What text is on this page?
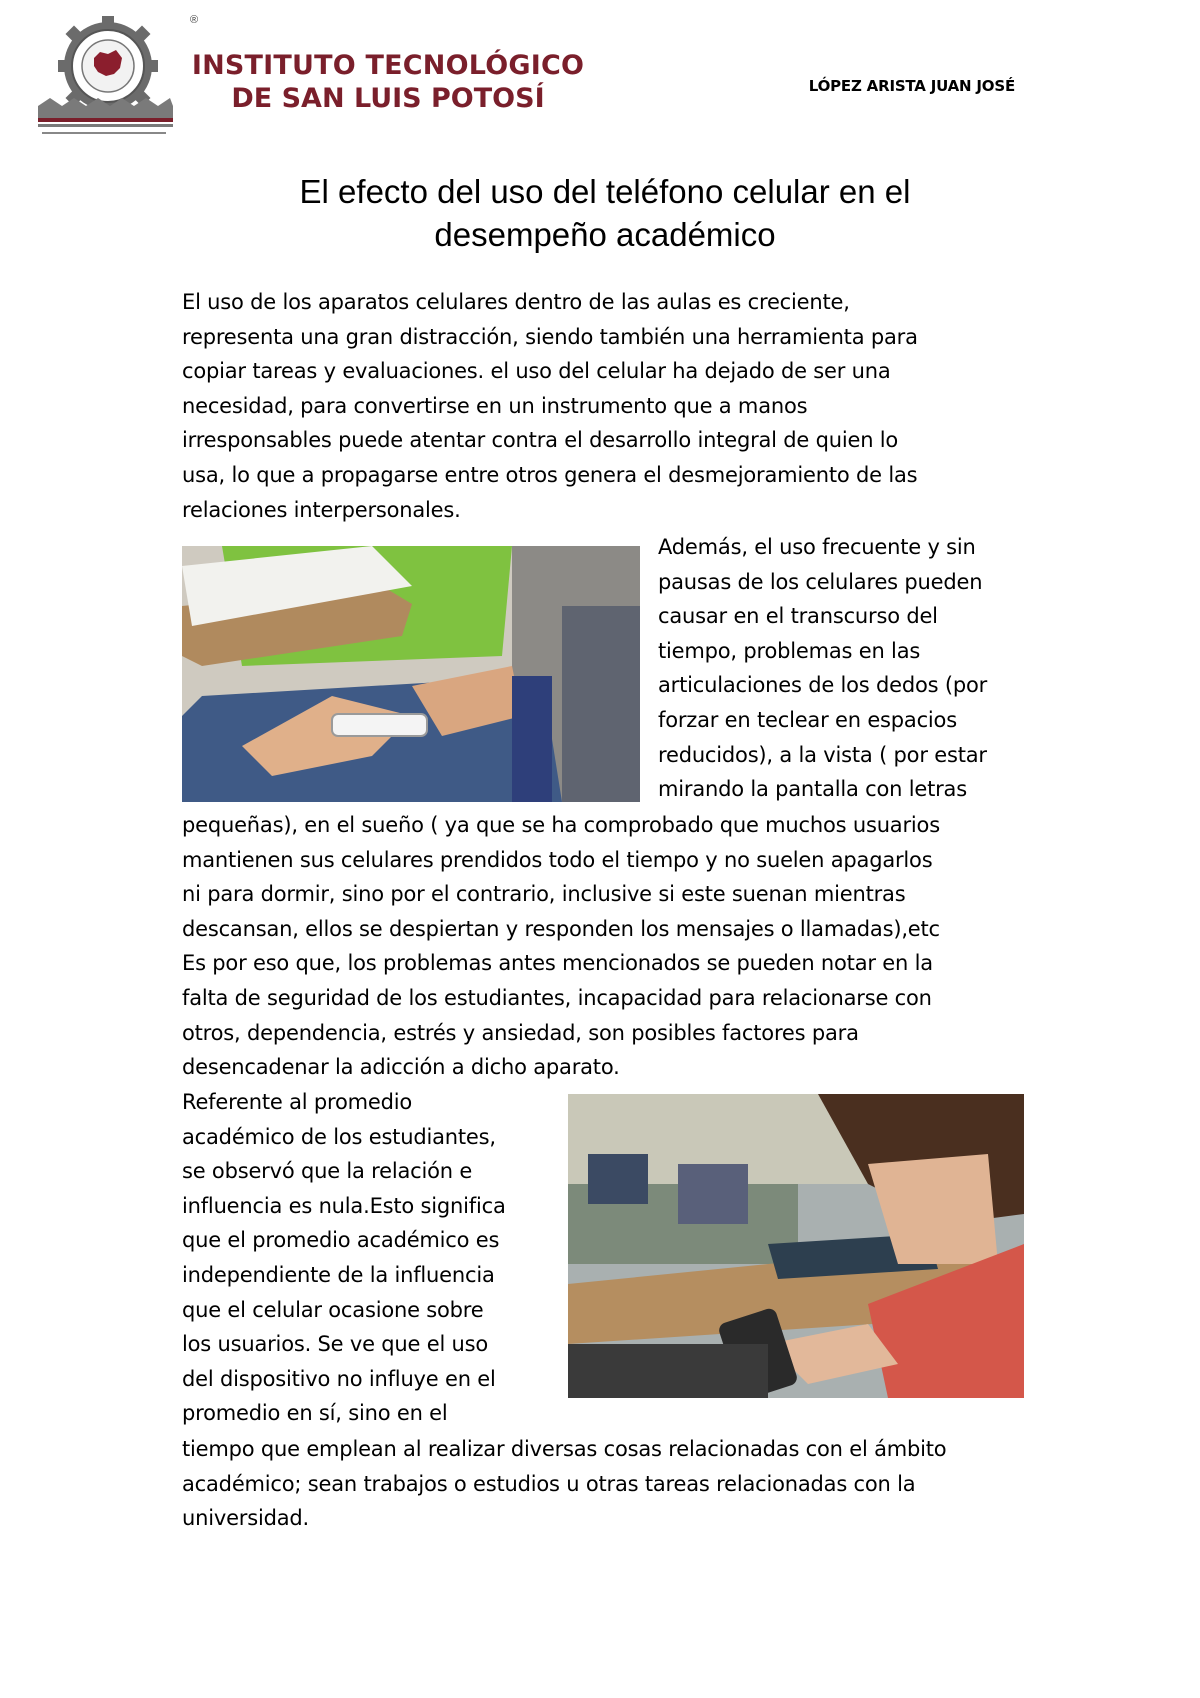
®
INSTITUTO TECNOLÓGICO
DE SAN LUIS POTOSÍ	LÓPEZ ARISTA JUAN JOSÉ
El efecto del uso del teléfono celular en el
desempeño académico
El uso de los aparatos celulares dentro de las aulas es creciente,
representa una gran distracción, siendo también una herramienta para
copiar tareas y evaluaciones. el uso del celular ha dejado de ser una
necesidad, para convertirse en un instrumento que a manos
irresponsables puede atentar contra el desarrollo integral de quien lo
usa, lo que a propagarse entre otros genera el desmejoramiento de las
relaciones interpersonales.
Además, el uso frecuente y sin
pausas de los celulares pueden
causar en el transcurso del
tiempo, problemas en las
articulaciones de los dedos (por
forzar en teclear en espacios
reducidos), a la vista ( por estar
mirando la pantalla con letras
pequeñas), en el sueño ( ya que se ha comprobado que muchos usuarios
mantienen sus celulares prendidos todo el tiempo y no suelen apagarlos
ni para dormir, sino por el contrario, inclusive si este suenan mientras
descansan, ellos se despiertan y responden los mensajes o llamadas),etc
Es por eso que, los problemas antes mencionados se pueden notar en la
falta de seguridad de los estudiantes, incapacidad para relacionarse con
otros, dependencia, estrés y ansiedad, son posibles factores para
desencadenar la adicción a dicho aparato.
Referente al promedio
académico de los estudiantes,
se observó que la relación e
influencia es nula.Esto significa
que el promedio académico es
independiente de la influencia
que el celular ocasione sobre
los usuarios. Se ve que el uso
del dispositivo no influye en el
promedio en sí, sino en el
tiempo que emplean al realizar diversas cosas relacionadas con el ámbito
académico; sean trabajos o estudios u otras tareas relacionadas con la
universidad.
